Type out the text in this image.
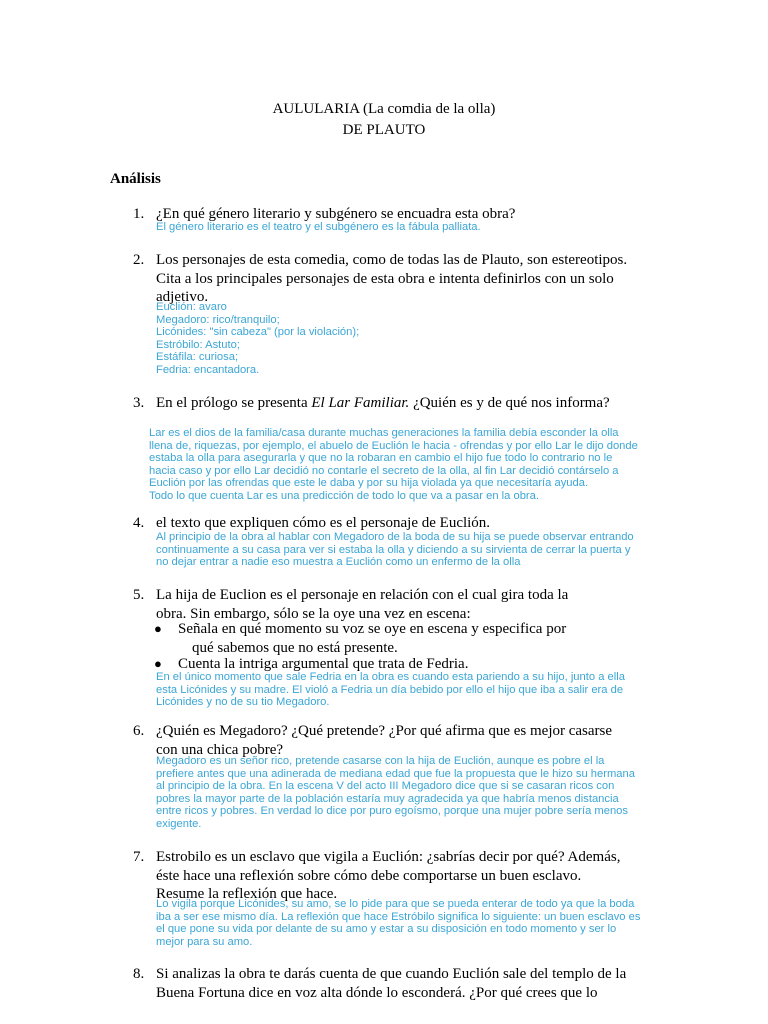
AULULARIA (La comdia de la olla)
DE PLAUTO
Análisis
1. ¿En qué género literario y subgénero se encuadra esta obra?
El género literario es el teatro y el subgénero es la fábula palliata.
2. Los personajes de esta comedia, como de todas las de Plauto, son estereotipos.
Cita a los principales personajes de esta obra e intenta definirlos con un solo
adjetivo.
Euclión: avaro
Megadoro: rico/tranquilo;
Licónides: "sin cabeza" (por la violación);
Estróbilo: Astuto;
Estáfila: curiosa;
Fedria: encantadora.
3. En el prólogo se presenta El Lar Familiar. ¿Quién es y de qué nos informa?
Lar es el dios de la familia/casa durante muchas generaciones la familia debía esconder la olla
llena de, riquezas, por ejemplo, el abuelo de Euclión le hacia - ofrendas y por ello Lar le dijo donde
estaba la olla para asegurarla y que no la robaran en cambio el hijo fue todo lo contrario no le
hacia caso y por ello Lar decidió no contarle el secreto de la olla, al fin Lar decidió contárselo a
Euclión por las ofrendas que este le daba y por su hija violada ya que necesitaría ayuda.
Todo lo que cuenta Lar es una predicción de todo lo que va a pasar en la obra.
4. el texto que expliquen cómo es el personaje de Euclión.
Al principio de la obra al hablar con Megadoro de la boda de su hija se puede observar entrando
continuamente a su casa para ver si estaba la olla y diciendo a su sirvienta de cerrar la puerta y
no dejar entrar a nadie eso muestra a Euclión como un enfermo de la olla
5. La hija de Euclion es el personaje en relación con el cual gira toda la
obra. Sin embargo, sólo se la oye una vez en escena:
● Señala en qué momento su voz se oye en escena y especifica por
qué sabemos que no está presente.
● Cuenta la intriga argumental que trata de Fedria.
En el único momento que sale Fedria en la obra es cuando esta pariendo a su hijo, junto a ella
esta Licónides y su madre. El violó a Fedria un día bebido por ello el hijo que iba a salir era de
Licónides y no de su tio Megadoro.
6. ¿Quién es Megadoro? ¿Qué pretende? ¿Por qué afirma que es mejor casarse
con una chica pobre?
Megadoro es un señor rico, pretende casarse con la hija de Euclión, aunque es pobre el la
prefiere antes que una adinerada de mediana edad que fue la propuesta que le hizo su hermana
al principio de la obra. En la escena V del acto III Megadoro dice que si se casaran ricos con
pobres la mayor parte de la población estaría muy agradecida ya que habría menos distancia
entre ricos y pobres. En verdad lo dice por puro egoísmo, porque una mujer pobre sería menos
exigente.
7. Estrobilo es un esclavo que vigila a Euclión: ¿sabrías decir por qué? Además,
éste hace una reflexión sobre cómo debe comportarse un buen esclavo.
Resume la reflexión que hace.
Lo vigila porque Licónides, su amo, se lo pide para que se pueda enterar de todo ya que la boda
iba a ser ese mismo día. La reflexión que hace Estróbilo significa lo siguiente: un buen esclavo es
el que pone su vida por delante de su amo y estar a su disposición en todo momento y ser lo
mejor para su amo.
8. Si analizas la obra te darás cuenta de que cuando Euclión sale del templo de la
Buena Fortuna dice en voz alta dónde lo esconderá. ¿Por qué crees que lo
